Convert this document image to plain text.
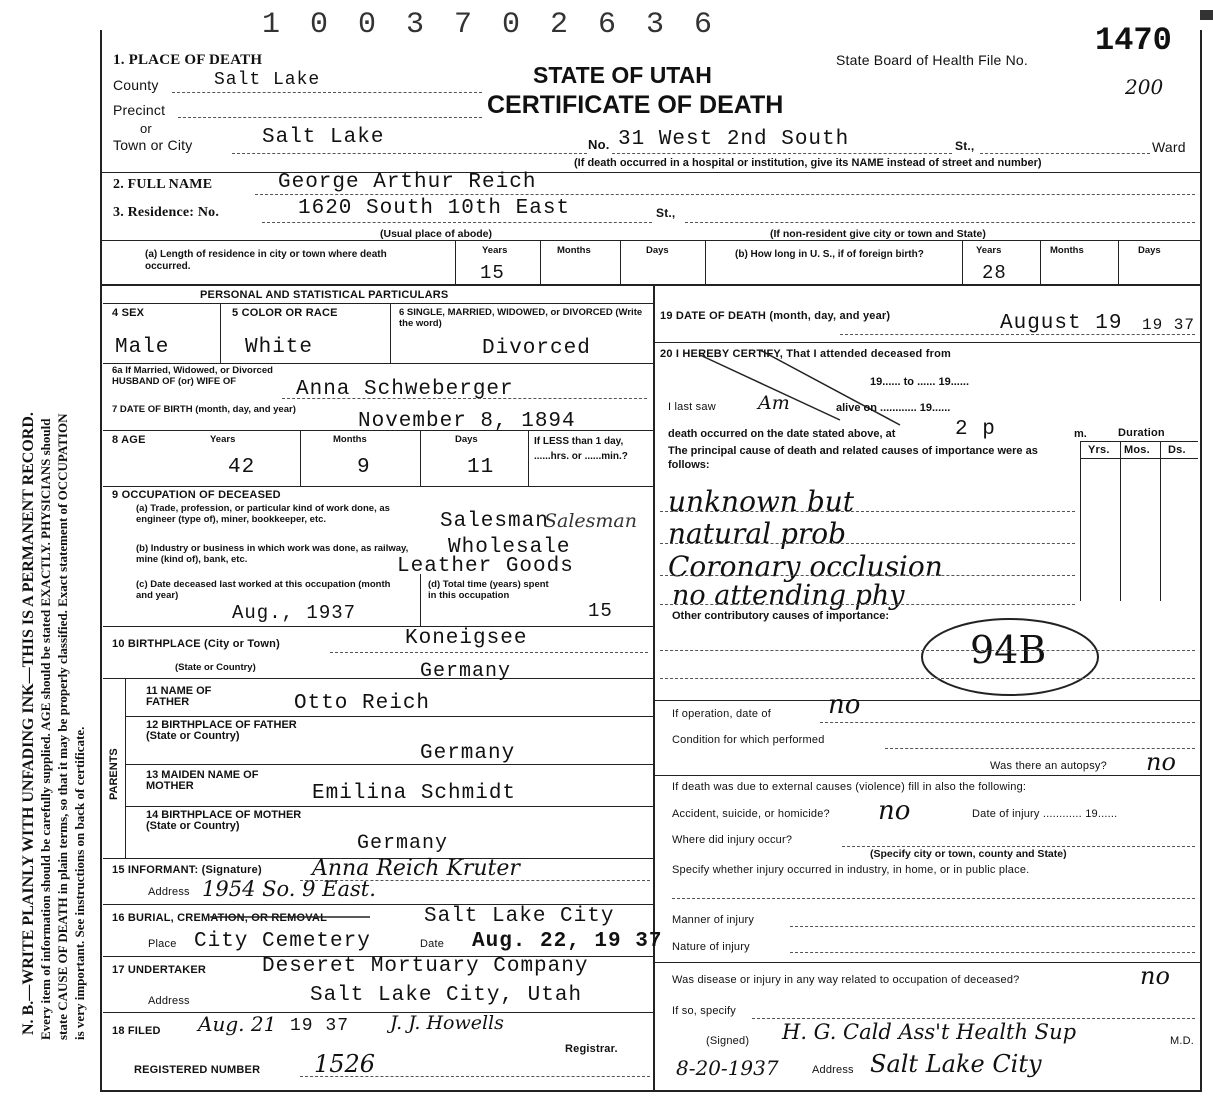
N. B.—WRITE PLAINLY WITH UNFADING INK—THIS IS A PERMANENT RECORD. Every item of information should be carefully supplied. AGE should be stated EXACTLY. PHYSICIANS should state CAUSE OF DEATH in plain terms, so that it may be properly classified. Exact statement of OCCUPATION is very important. See instructions on back of certificate.
1 0 0 3 7 0 2 6 3 6
State Board of Health File No.
1470
200
STATE OF UTAH
CERTIFICATE OF DEATH
1. PLACE OF DEATH
County	Salt Lake
Precinct
or
Town or City	Salt Lake	No. 31 West 2nd South	St.,	Ward
(If death occurred in a hospital or institution, give its NAME instead of street and number)
2. FULL NAME	George Arthur Reich
3. Residence: No.	1620 South 10th East	St.,
(Usual place of abode)	(If non-resident give city or town and State)
(a) Length of residence in city or town where death occurred.
Years	Months	Days
15
(b) How long in U. S., if of foreign birth?	Years	Months	Days
28
PERSONAL AND STATISTICAL PARTICULARS
4 SEX
Male
5 COLOR OR RACE
White
6 SINGLE, MARRIED, WIDOWED, or DIVORCED (Write the word)
Divorced
6a If Married, Widowed, or Divorced HUSBAND OF (or) WIFE OF	Anna Schweberger
7 DATE OF BIRTH (month, day, and year)
November 8, 1894
8 AGE	Years	Months	Days
42	9	11
If LESS than 1 day, ......hrs. or ......min.?
9 OCCUPATION OF DECEASED
(a) Trade, profession, or particular kind of work done, as engineer (type of), miner, bookkeeper, etc.	Salesman
Salesman
(b) Industry or business in which work was done, as railway, mine (kind of), bank, etc.
Wholesale
Leather Goods
(c) Date deceased last worked at this occupation (month and year)
Aug., 1937
(d) Total time (years) spent in this occupation
15
10 BIRTHPLACE (City or Town)	Koneigsee
(State or Country)	Germany
PARENTS
11 NAME OF FATHER	Otto Reich
12 BIRTHPLACE OF FATHER (State or Country)
Germany
13 MAIDEN NAME OF MOTHER	Emilina Schmidt
14 BIRTHPLACE OF MOTHER (State or Country)
Germany
15 INFORMANT: (Signature) Anna Reich Kruter
Address 1954 So. 9 East.
16 BURIAL, CREMATION, OR REMOVAL	Salt Lake City
Place City Cemetery	Date Aug. 22, 19 37
17 UNDERTAKER	Deseret Mortuary Company
Address	Salt Lake City, Utah
18 FILED Aug. 21 19 37 J. J. Howells
Registrar.
REGISTERED NUMBER 1526
19 DATE OF DEATH (month, day, and year)	August 19 19 37
20 I HEREBY CERTIFY, That I attended deceased from
19...... to ...... 19......
I last saw Am	alive on ............ 19......
death occurred on the date stated above, at	2 p	m.	Duration
The principal cause of death and related causes of importance were as follows:
Yrs. Mos. Ds.
unknown but
natural prob
Coronary occlusion
no attending phy
Other contributory causes of importance:
94B
If operation, date of no
Condition for which performed
Was there an autopsy? no
If death was due to external causes (violence) fill in also the following:
Accident, suicide, or homicide? no	Date of injury ............ 19......
Where did injury occur?
(Specify city or town, county and State)
Specify whether injury occurred in industry, in home, or in public place.
Manner of injury
Nature of injury
Was disease or injury in any way related to occupation of deceased?	no
If so, specify
(Signed) H. G. Cald Ass't Health Sup	M.D.
8-20-1937	Address Salt Lake City
